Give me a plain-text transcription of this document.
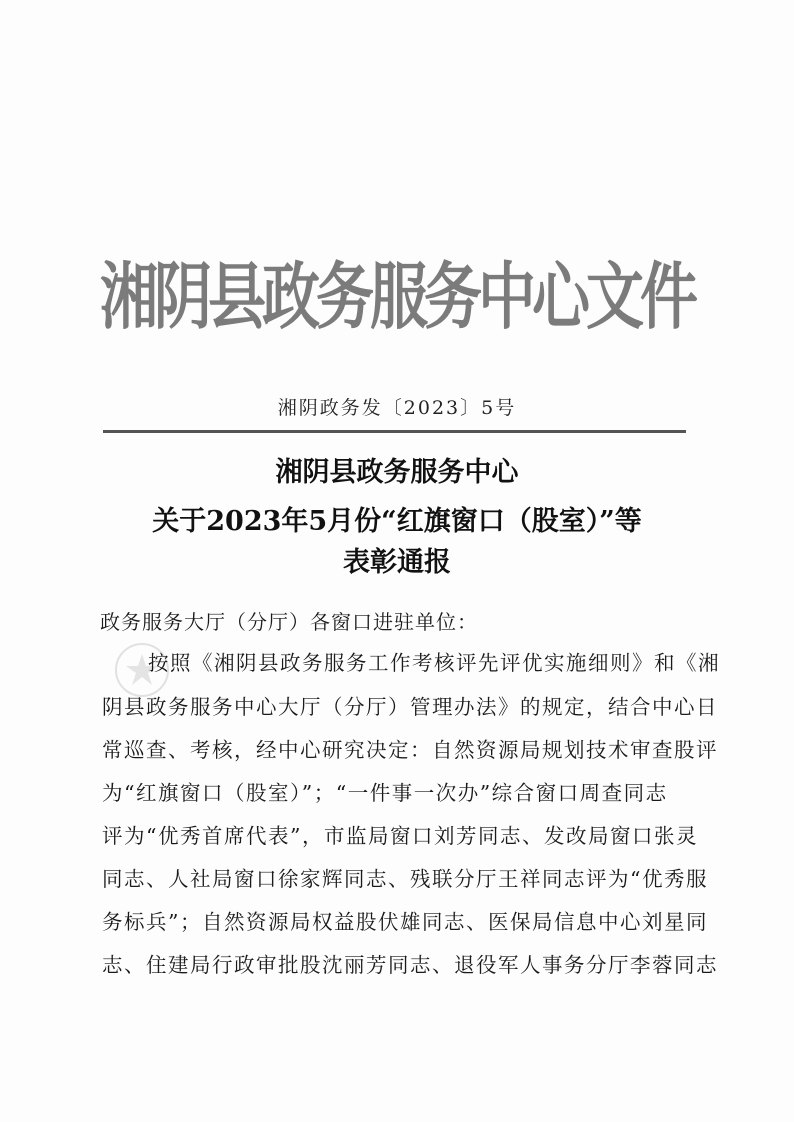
湘阴县政务服务中心文件
湘阴政务发〔2023〕5号
湘阴县政务服务中心
关于2023年5月份“红旗窗口（股室）”等
表彰通报
政务服务大厅（分厅）各窗口进驻单位：
按照《湘阴县政务服务工作考核评先评优实施细则》和《湘
阴县政务服务中心大厅（分厅）管理办法》的规定，结合中心日
常巡查、考核，经中心研究决定：自然资源局规划技术审查股评
为“红旗窗口（股室）”；“一件事一次办”综合窗口周查同志
评为“优秀首席代表”，市监局窗口刘芳同志、发改局窗口张灵
同志、人社局窗口徐家辉同志、残联分厅王祥同志评为“优秀服
务标兵”；自然资源局权益股伏雄同志、医保局信息中心刘星同
志、住建局行政审批股沈丽芳同志、退役军人事务分厅李蓉同志
